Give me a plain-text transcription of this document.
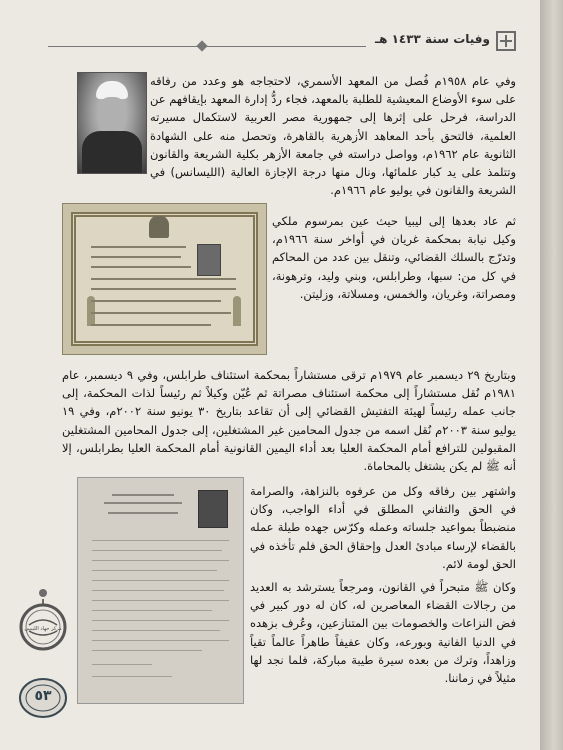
وفيات سنة ١٤٣٣ هـ

وفي عام ١٩٥٨م فُصل من المعهد الأسمري، لاحتجاجه هو وعدد من رفاقه على سوء الأوضاع المعيشية للطلبة بالمعهد، فجاء ردُّ إدارة المعهد بإيقافهم عن الدراسة، فرحل على إثرها إلى جمهورية مصر العربية لاستكمال مسيرته العلمية، فالتحق بأحد المعاهد الأزهرية بالقاهرة، وتحصل منه على الشهادة الثانوية عام ١٩٦٢م، وواصل دراسته في جامعة الأزهر بكلية الشريعة والقانون وتتلمذ على يد كبار علمائها، ونال منها درجة الإجازة العالية (الليسانس) في الشريعة والقانون في يوليو عام ١٩٦٦م.

ثم عاد بعدها إلى ليبيا حيث عين بمرسوم ملكي وكيل نيابة بمحكمة غريان في أواخر سنة ١٩٦٦م، وتدرّج بالسلك القضائي، وتنقل بين عدد من المحاكم في كل من: سبها، وطرابلس، وبني وليد، وترهونة، ومصراتة، وغريان، والخمس، ومسلاتة، وزليتن.

وبتاريخ ٢٩ ديسمبر عام ١٩٧٩م ترقى مستشاراً بمحكمة استئناف طرابلس، وفي ٩ ديسمبر، عام ١٩٨١م نُقل مستشاراً إلى محكمة استئناف مصراتة ثم عُيّن وكيلاً ثم رئيساً لذات المحكمة، إلى جانب عمله رئيساً لهيئة التفتيش القضائي إلى أن تقاعد بتاريخ ٣٠ يونيو سنة ٢٠٠٢م، وفي ١٩ يوليو سنة ٢٠٠٣م نُقل اسمه من جدول المحامين غير المشتغلين، إلى جدول المحامين المشتغلين المقبولين للترافع أمام المحكمة العليا بعد أداء اليمين القانونية أمام المحكمة العليا بطرابلس، إلا أنه ﷺ لم يكن يشتغل بالمحاماة.

واشتهر بين رفاقه وكل من عرفوه بالنزاهة، والصرامة في الحق والتفاني المطلق في أداء الواجب، وكان منضبطاً بمواعيد جلساته وعمله وكرّس جهده طيلة عمله بالقضاء لإرساء مبادئ العدل وإحقاق الحق فلم تأخذه في الحق لومة لائم.

وكان ﷺ متبحراً في القانون، ومرجعاً يسترشد به العديد من رجالات القضاء المعاصرين له، كان له دور كبير في فض النزاعات والخصومات بين المتنازعين، وعُرف بزهده في الدنيا الفانية وبورعه، وكان عفيفاً طاهراً عالماً تقياً وزاهداً، وترك من بعده سيرة طيبة مباركة، فلما نجد لها مثيلاً في زماننا.

مركز جهاد الليبيين
٥٣
